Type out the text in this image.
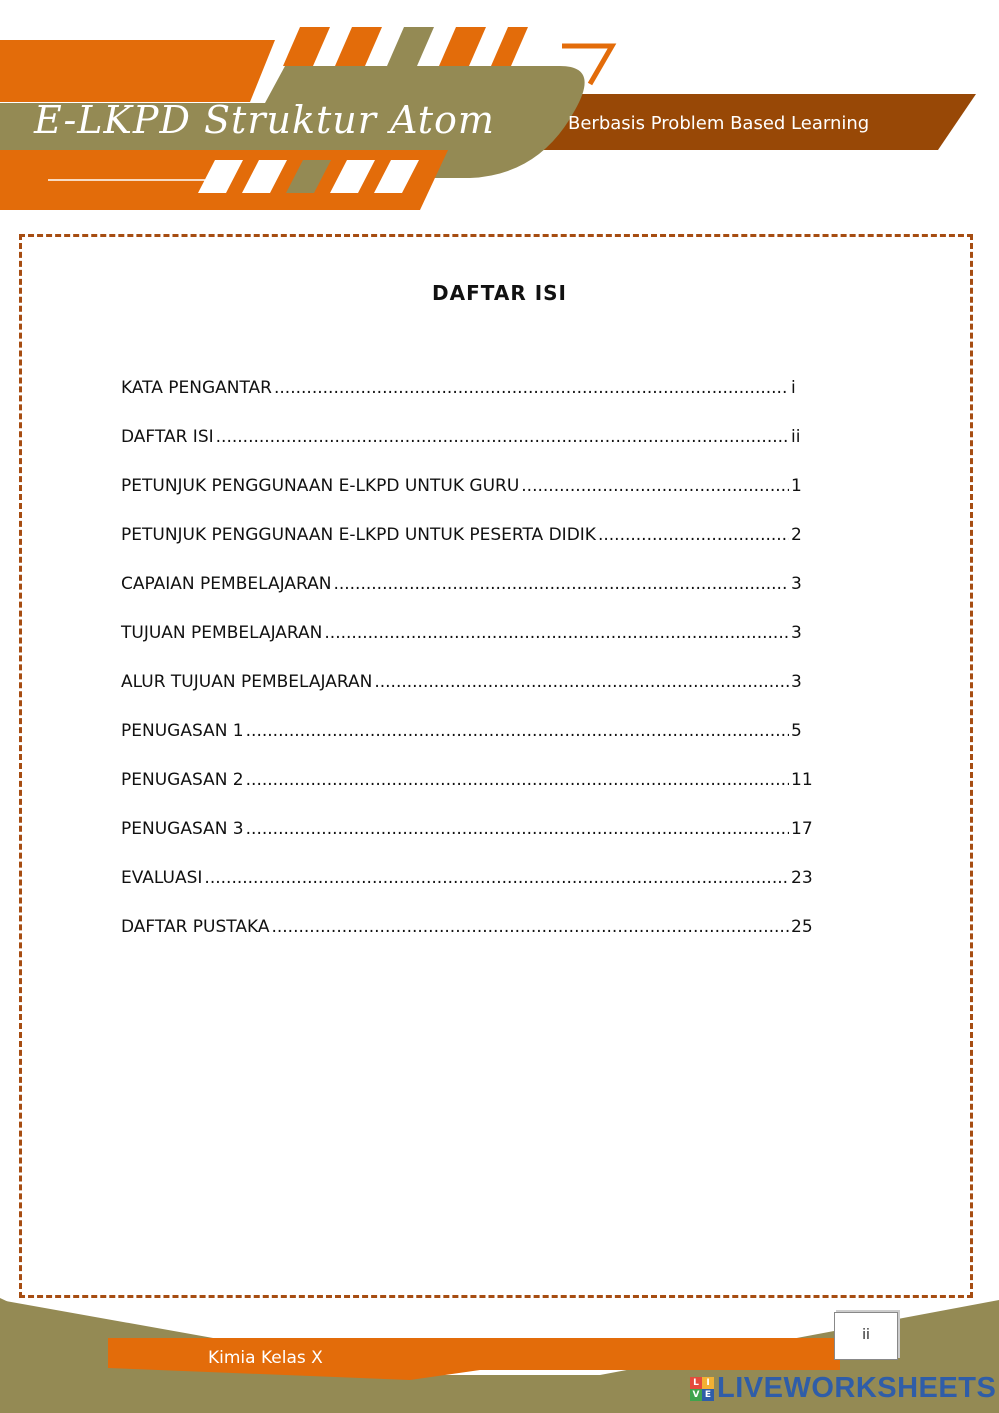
E-LKPD Struktur Atom	Berbasis Problem Based Learning
DAFTAR ISI
KATA PENGANTAR .....	i
DAFTAR ISI .....	ii
PETUNJUK PENGGUNAAN E-LKPD UNTUK GURU .....	1
PETUNJUK PENGGUNAAN E-LKPD UNTUK PESERTA DIDIK .....	2
CAPAIAN PEMBELAJARAN .....	3
TUJUAN PEMBELAJARAN .....	3
ALUR TUJUAN PEMBELAJARAN .....	3
PENUGASAN 1 .....	5
PENUGASAN 2 .....	11
PENUGASAN 3 .....	17
EVALUASI .....	23
DAFTAR PUSTAKA .....	25
Kimia Kelas X
ii
L I
V E LIVEWORKSHEETS
